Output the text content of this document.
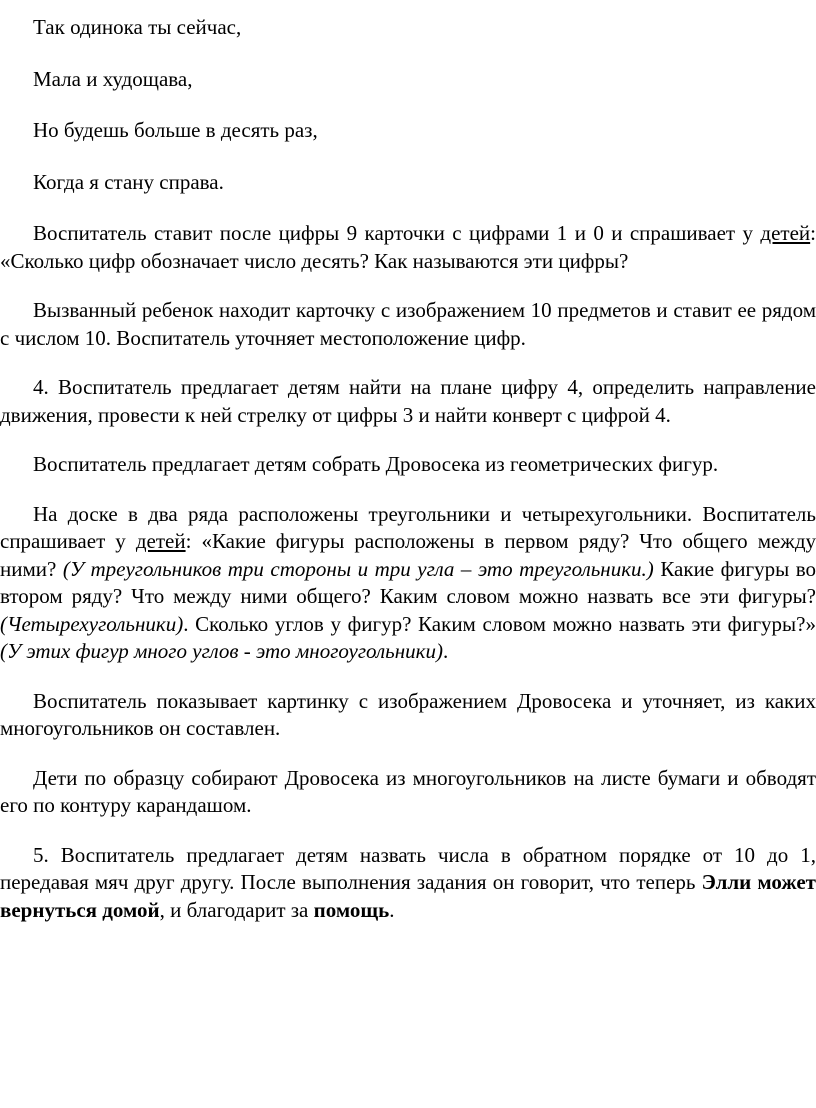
Так одинока ты сейчас,

Мала и худощава,

Но будешь больше в десять раз,

Когда я стану справа.

Воспитатель ставит после цифры 9 карточки с цифрами 1 и 0 и спрашивает у детей: «Сколько цифр обозначает число десять? Как называются эти цифры?

Вызванный ребенок находит карточку с изображением 10 предметов и ставит ее рядом с числом 10. Воспитатель уточняет местоположение цифр.

4. Воспитатель предлагает детям найти на плане цифру 4, определить направление движения, провести к ней стрелку от цифры 3 и найти конверт с цифрой 4.

Воспитатель предлагает детям собрать Дровосека из геометрических фигур.

На доске в два ряда расположены треугольники и четырехугольники. Воспитатель спрашивает у детей: «Какие фигуры расположены в первом ряду? Что общего между ними? (У треугольников три стороны и три угла – это треугольники.) Какие фигуры во втором ряду? Что между ними общего? Каким словом можно назвать все эти фигуры? (Четырехугольники). Сколько углов у фигур? Каким словом можно назвать эти фигуры?» (У этих фигур много углов - это многоугольники).

Воспитатель показывает картинку с изображением Дровосека и уточняет, из каких многоугольников он составлен.

Дети по образцу собирают Дровосека из многоугольников на листе бумаги и обводят его по контуру карандашом.

5. Воспитатель предлагает детям назвать числа в обратном порядке от 10 до 1, передавая мяч друг другу. После выполнения задания он говорит, что теперь Элли может вернуться домой, и благодарит за помощь.
